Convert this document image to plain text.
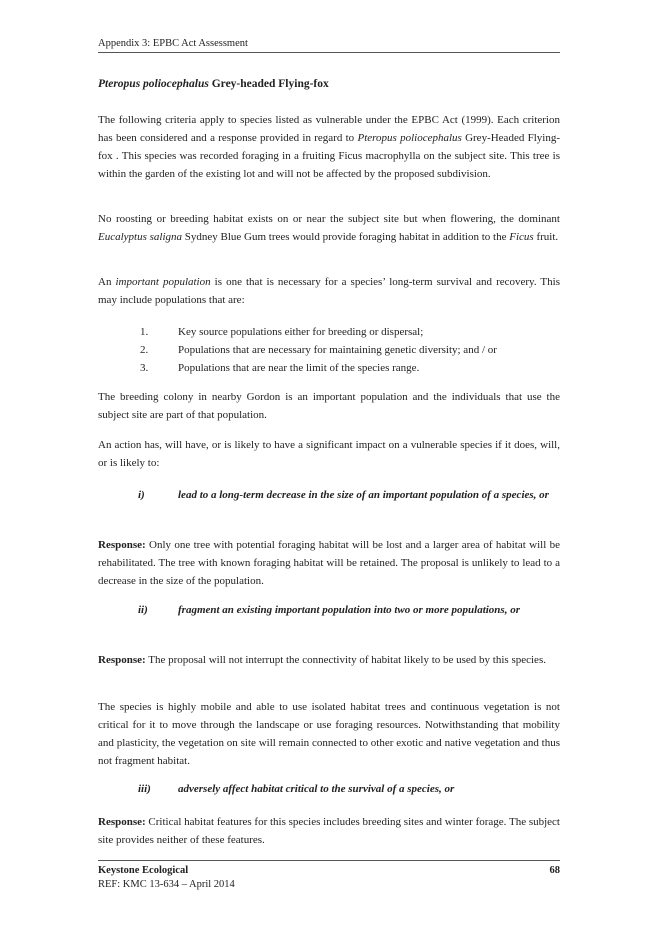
Appendix 3: EPBC Act Assessment
Pteropus poliocephalus Grey-headed Flying-fox

The following criteria apply to species listed as vulnerable under the EPBC Act (1999). Each criterion has been considered and a response provided in regard to Pteropus poliocephalus Grey-Headed Flying-fox . This species was recorded foraging in a fruiting Ficus macrophylla on the subject site. This tree is within the garden of the existing lot and will not be affected by the proposed subdivision.

No roosting or breeding habitat exists on or near the subject site but when flowering, the dominant Eucalyptus saligna Sydney Blue Gum trees would provide foraging habitat in addition to the Ficus fruit.

An important population is one that is necessary for a species’ long-term survival and recovery. This may include populations that are:

1.	Key source populations either for breeding or dispersal;
2.	Populations that are necessary for maintaining genetic diversity; and / or
3.	Populations that are near the limit of the species range.

The breeding colony in nearby Gordon is an important population and the individuals that use the subject site are part of that population.

An action has, will have, or is likely to have a significant impact on a vulnerable species if it does, will, or is likely to:

i)	lead to a long-term decrease in the size of an important population of a species, or

Response: Only one tree with potential foraging habitat will be lost and a larger area of habitat will be rehabilitated. The tree with known foraging habitat will be retained. The proposal is unlikely to lead to a decrease in the size of the population.

ii)	fragment an existing important population into two or more populations, or

Response: The proposal will not interrupt the connectivity of habitat likely to be used by this species.

The species is highly mobile and able to use isolated habitat trees and continuous vegetation is not critical for it to move through the landscape or use foraging resources. Notwithstanding that mobility and plasticity, the vegetation on site will remain connected to other exotic and native vegetation and thus not fragment habitat.

iii) adversely affect habitat critical to the survival of a species, or

Response: Critical habitat features for this species includes breeding sites and winter forage. The subject site provides neither of these features.

Keystone Ecological
REF: KMC 13-634 – April 2014
68
